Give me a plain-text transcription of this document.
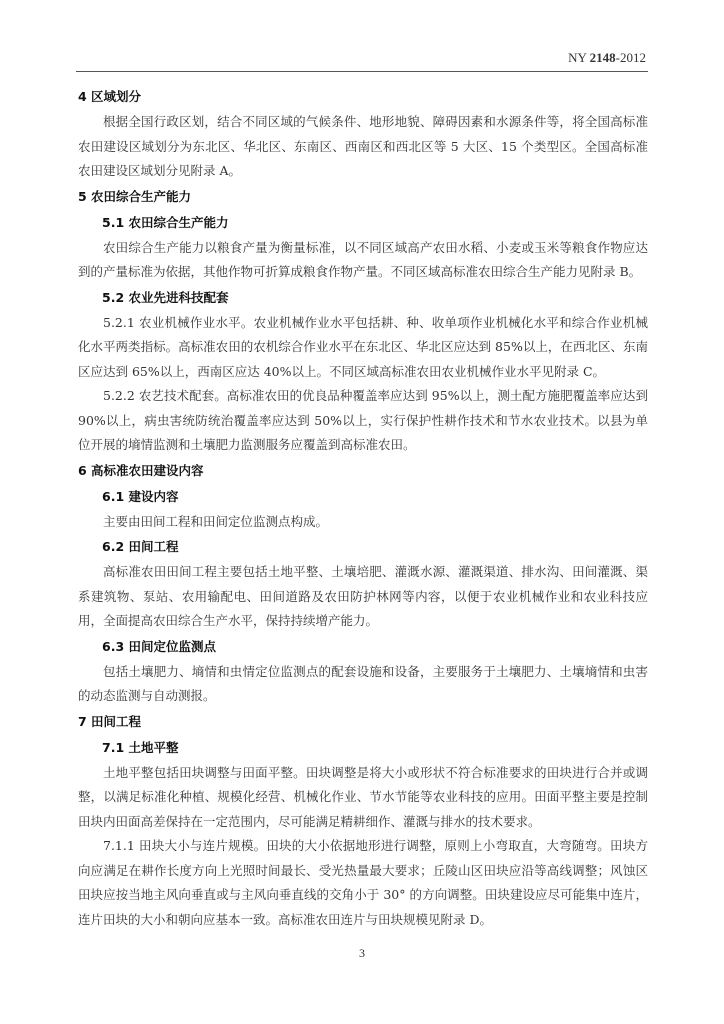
NY 2148-2012
4 区域划分
根据全国行政区划，结合不同区域的气候条件、地形地貌、障碍因素和水源条件等，将全国高标准农田建设区域划分为东北区、华北区、东南区、西南区和西北区等 5 大区、15 个类型区。全国高标准农田建设区域划分见附录 A。
5 农田综合生产能力
5.1 农田综合生产能力
农田综合生产能力以粮食产量为衡量标准，以不同区域高产农田水稻、小麦或玉米等粮食作物应达到的产量标准为依据，其他作物可折算成粮食作物产量。不同区域高标准农田综合生产能力见附录 B。
5.2 农业先进科技配套
5.2.1 农业机械作业水平。农业机械作业水平包括耕、种、收单项作业机械化水平和综合作业机械化水平两类指标。高标准农田的农机综合作业水平在东北区、华北区应达到 85%以上，在西北区、东南区应达到 65%以上，西南区应达 40%以上。不同区域高标准农田农业机械作业水平见附录 C。
5.2.2 农艺技术配套。高标准农田的优良品种覆盖率应达到 95%以上，测土配方施肥覆盖率应达到 90%以上，病虫害统防统治覆盖率应达到 50%以上，实行保护性耕作技术和节水农业技术。以县为单位开展的墒情监测和土壤肥力监测服务应覆盖到高标准农田。
6 高标准农田建设内容
6.1 建设内容
主要由田间工程和田间定位监测点构成。
6.2 田间工程
高标准农田田间工程主要包括土地平整、土壤培肥、灌溉水源、灌溉渠道、排水沟、田间灌溉、渠系建筑物、泵站、农用输配电、田间道路及农田防护林网等内容，以便于农业机械作业和农业科技应用，全面提高农田综合生产水平，保持持续增产能力。
6.3 田间定位监测点
包括土壤肥力、墒情和虫情定位监测点的配套设施和设备，主要服务于土壤肥力、土壤墒情和虫害的动态监测与自动测报。
7 田间工程
7.1 土地平整
土地平整包括田块调整与田面平整。田块调整是将大小或形状不符合标准要求的田块进行合并或调整，以满足标准化种植、规模化经营、机械化作业、节水节能等农业科技的应用。田面平整主要是控制田块内田面高差保持在一定范围内，尽可能满足精耕细作、灌溉与排水的技术要求。
7.1.1 田块大小与连片规模。田块的大小依据地形进行调整，原则上小弯取直，大弯随弯。田块方向应满足在耕作长度方向上光照时间最长、受光热量最大要求；丘陵山区田块应沿等高线调整；风蚀区田块应按当地主风向垂直或与主风向垂直线的交角小于 30° 的方向调整。田块建设应尽可能集中连片，连片田块的大小和朝向应基本一致。高标准农田连片与田块规模见附录 D。
3
